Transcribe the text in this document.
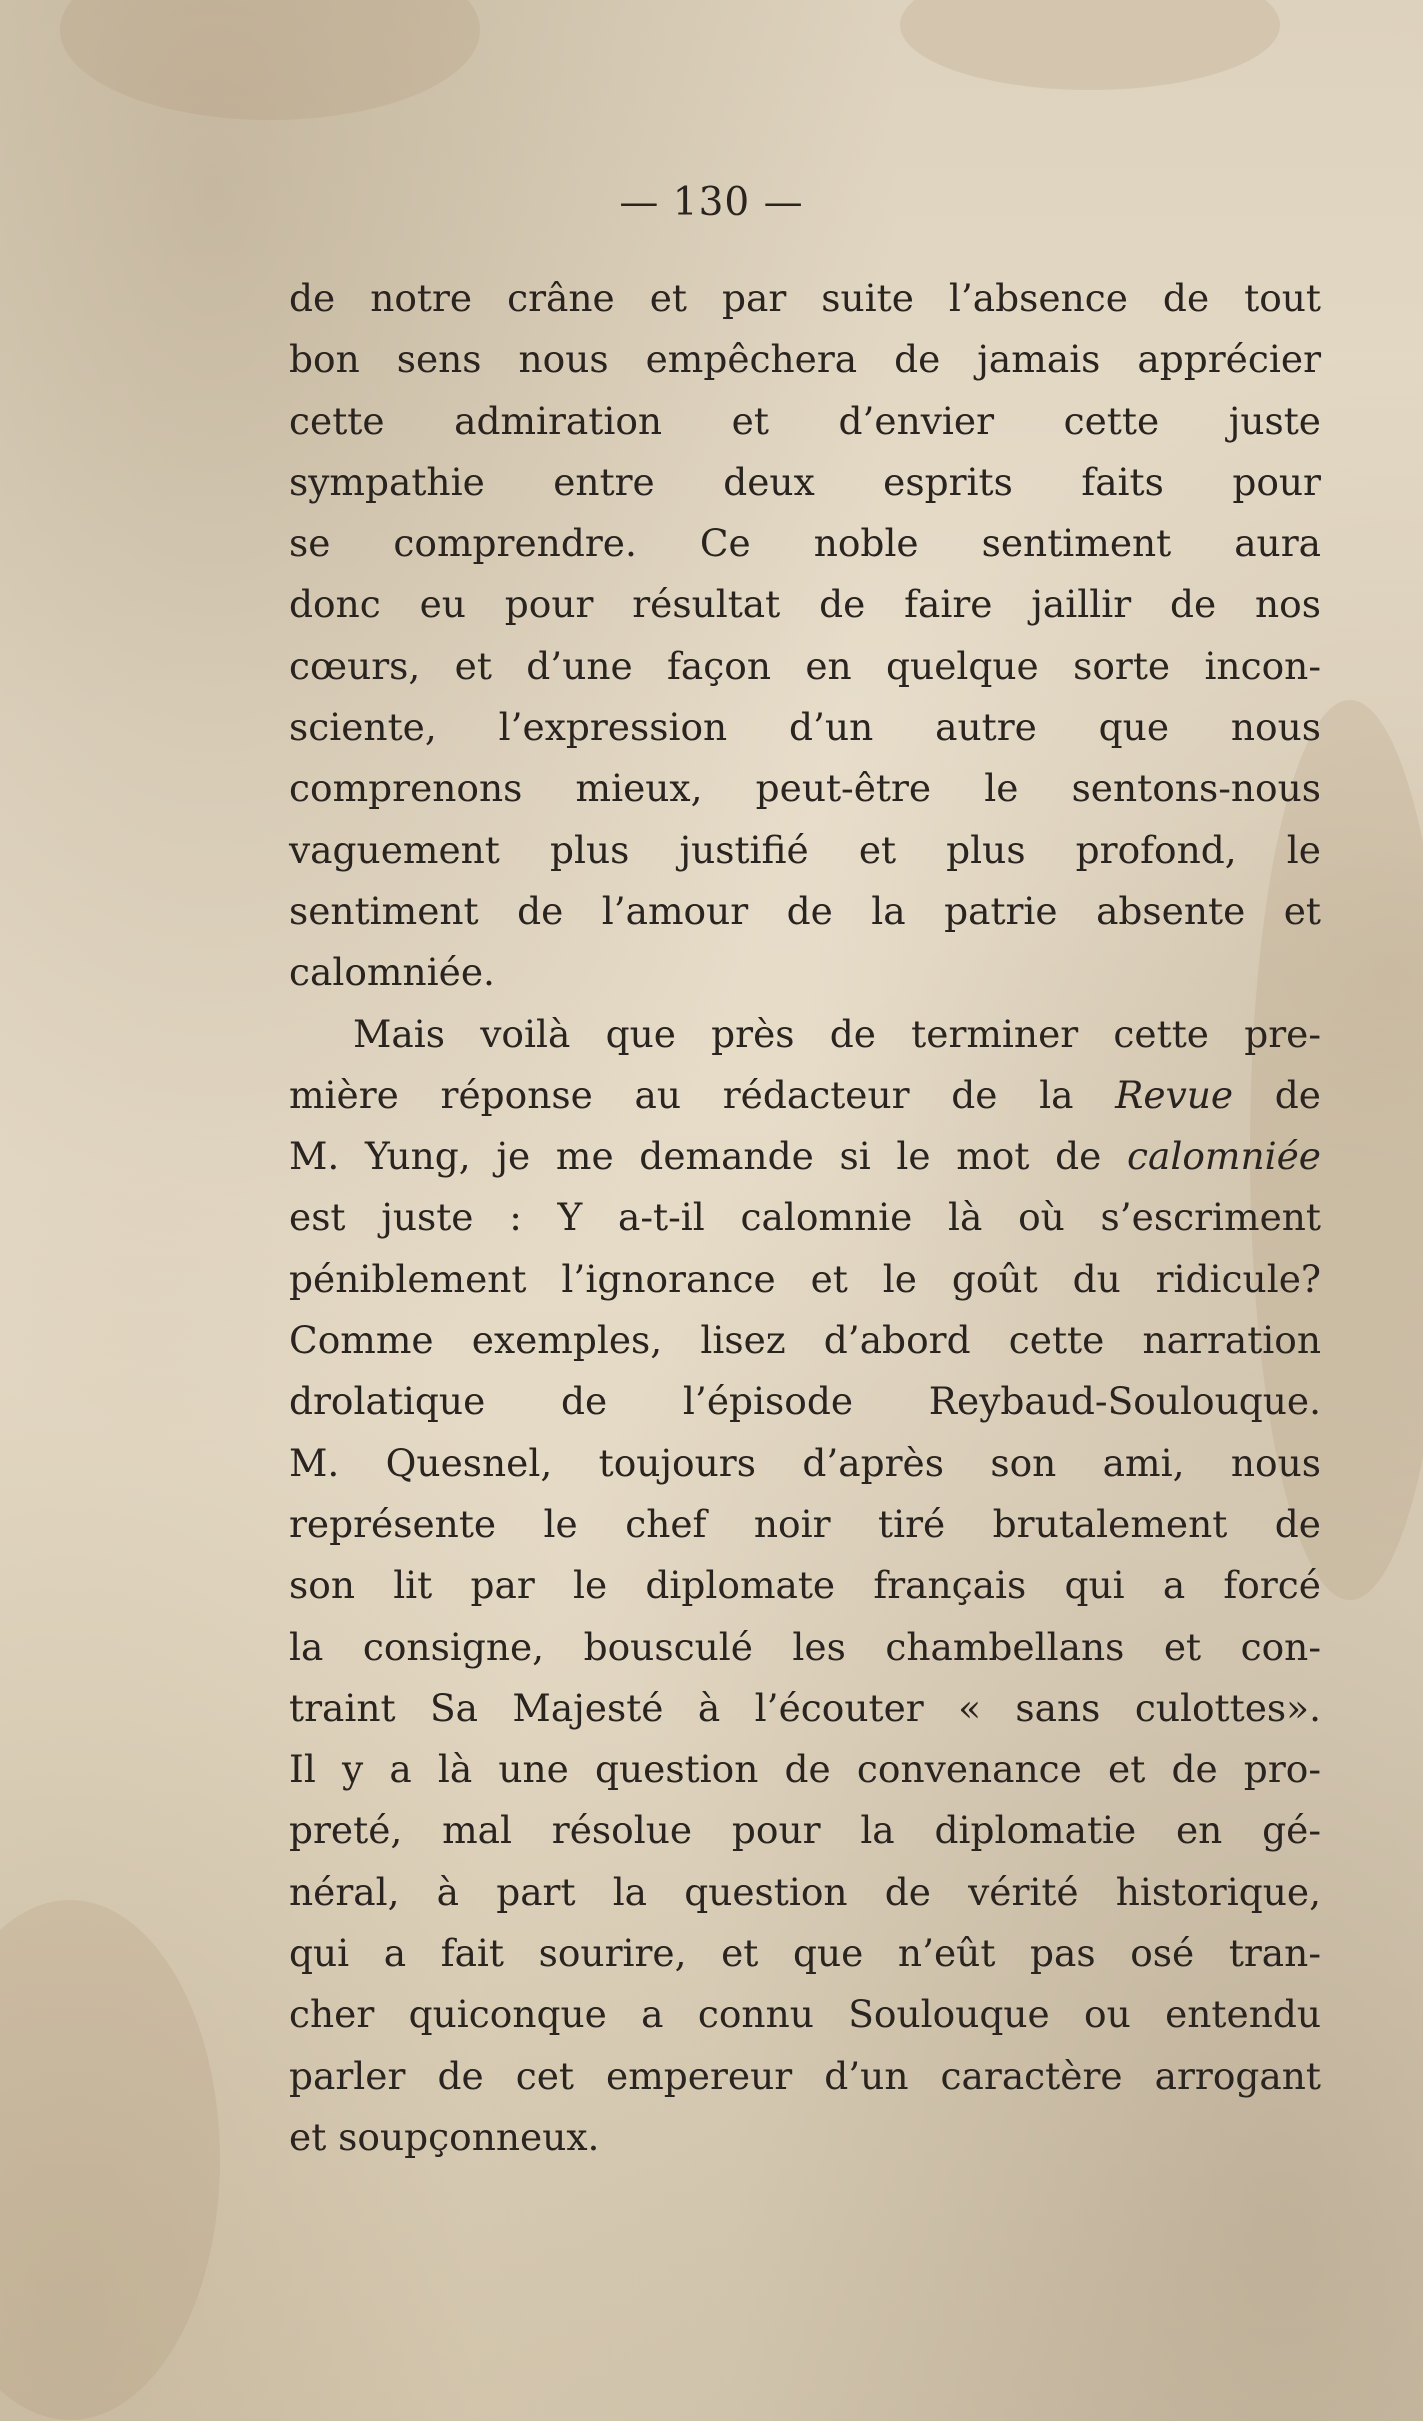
— 130 —
de notre crâne et par suite l’absence de tout
bon sens nous empêchera de jamais apprécier
cette admiration et d’envier cette juste
sympathie entre deux esprits faits pour
se comprendre. Ce noble sentiment aura
donc eu pour résultat de faire jaillir de nos
cœurs, et d’une façon en quelque sorte incon-
sciente, l’expression d’un autre que nous
comprenons mieux, peut-être le sentons-nous
vaguement plus justifié et plus profond, le
sentiment de l’amour de la patrie absente et
calomniée.
Mais voilà que près de terminer cette pre-
mière réponse au rédacteur de la Revue de
M. Yung, je me demande si le mot de calomniée
est juste : Y a-t-il calomnie là où s’escriment
péniblement l’ignorance et le goût du ridicule?
Comme exemples, lisez d’abord cette narration
drolatique de l’épisode Reybaud-Soulouque.
M. Quesnel, toujours d’après son ami, nous
représente le chef noir tiré brutalement de
son lit par le diplomate français qui a forcé
la consigne, bousculé les chambellans et con-
traint Sa Majesté à l’écouter « sans culottes».
Il y a là une question de convenance et de pro-
preté, mal résolue pour la diplomatie en gé-
néral, à part la question de vérité historique,
qui a fait sourire, et que n’eût pas osé tran-
cher quiconque a connu Soulouque ou entendu
parler de cet empereur d’un caractère arrogant
et soupçonneux.
